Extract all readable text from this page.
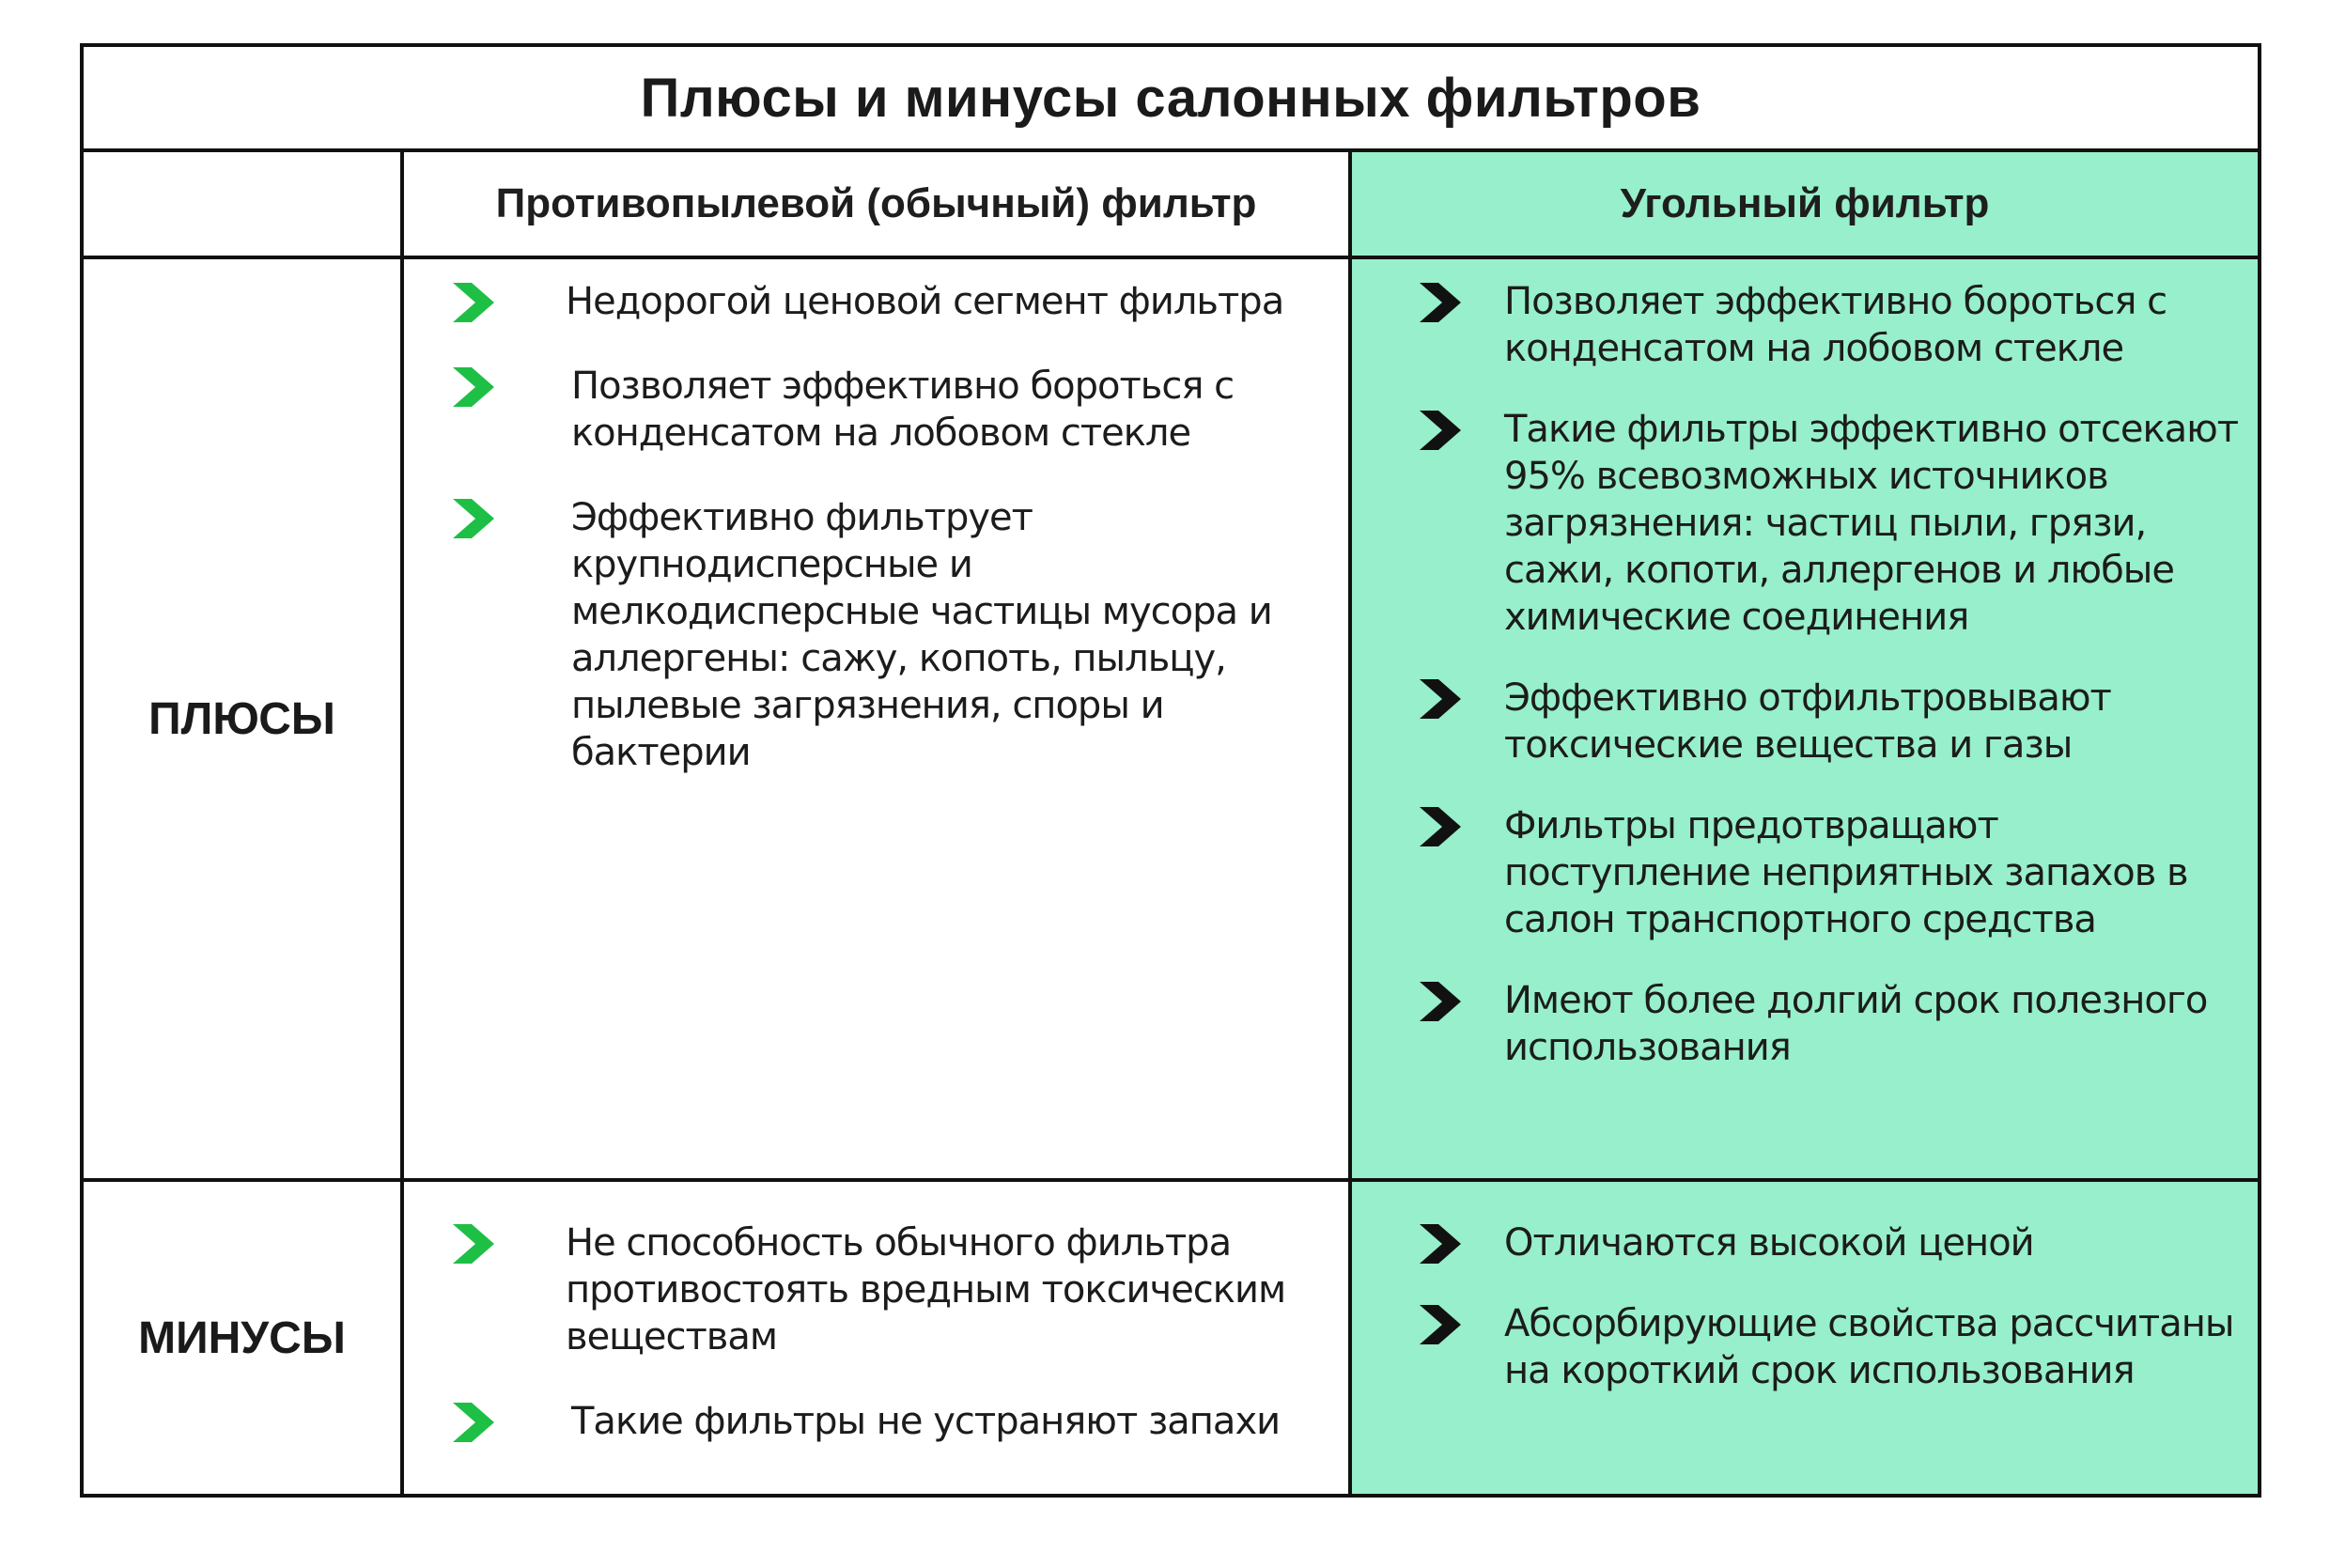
Плюсы и минусы салонных фильтров
Противопылевой (обычный) фильтр	Угольный фильтр
ПЛЮСЫ
Недорогой ценовой сегмент фильтра
Позволяет эффективно бороться с конденсатом на лобовом стекле
Эффективно фильтрует крупнодисперсные и мелкодисперсные частицы мусора и аллергены: сажу, копоть, пыльцу, пылевые загрязнения, споры и бактерии
Позволяет эффективно бороться с конденсатом на лобовом стекле
Такие фильтры эффективно отсекают 95% всевозможных источников загрязнения: частиц пыли, грязи, сажи, копоти, аллергенов и любые химические соединения
Эффективно отфильтровывают токсические вещества и газы
Фильтры предотвращают поступление неприятных запахов в салон транспортного средства
Имеют более долгий срок полезного использования
МИНУСЫ
Не способность обычного фильтра противостоять вредным токсическим веществам
Такие фильтры не устраняют запахи
Отличаются высокой ценой
Абсорбирующие свойства рассчитаны на короткий срок использования
